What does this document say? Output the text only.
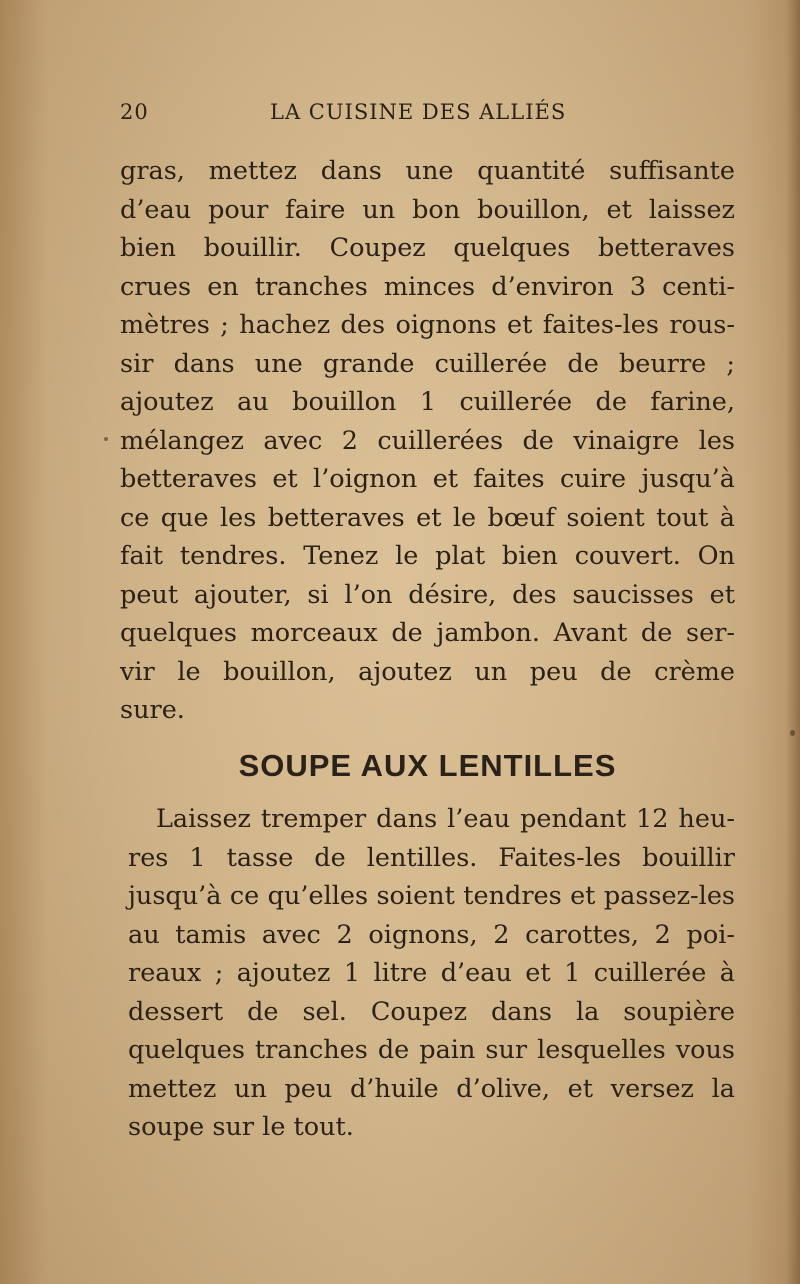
20	LA CUISINE DES ALLIÉS
gras, mettez dans une quantité suffisante
d’eau pour faire un bon bouillon, et laissez
bien bouillir. Coupez quelques betteraves
crues en tranches minces d’environ 3 centi-
mètres ; hachez des oignons et faites-les rous-
sir dans une grande cuillerée de beurre ;
ajoutez au bouillon 1 cuillerée de farine,
mélangez avec 2 cuillerées de vinaigre les
betteraves et l’oignon et faites cuire jusqu’à
ce que les betteraves et le bœuf soient tout à
fait tendres. Tenez le plat bien couvert. On
peut ajouter, si l’on désire, des saucisses et
quelques morceaux de jambon. Avant de ser-
vir le bouillon, ajoutez un peu de crème
sure.
SOUPE AUX LENTILLES
Laissez tremper dans l’eau pendant 12 heu-
res 1 tasse de lentilles. Faites-les bouillir
jusqu’à ce qu’elles soient tendres et passez-les
au tamis avec 2 oignons, 2 carottes, 2 poi-
reaux ; ajoutez 1 litre d’eau et 1 cuillerée à
dessert de sel. Coupez dans la soupière
quelques tranches de pain sur lesquelles vous
mettez un peu d’huile d’olive, et versez la
soupe sur le tout.
